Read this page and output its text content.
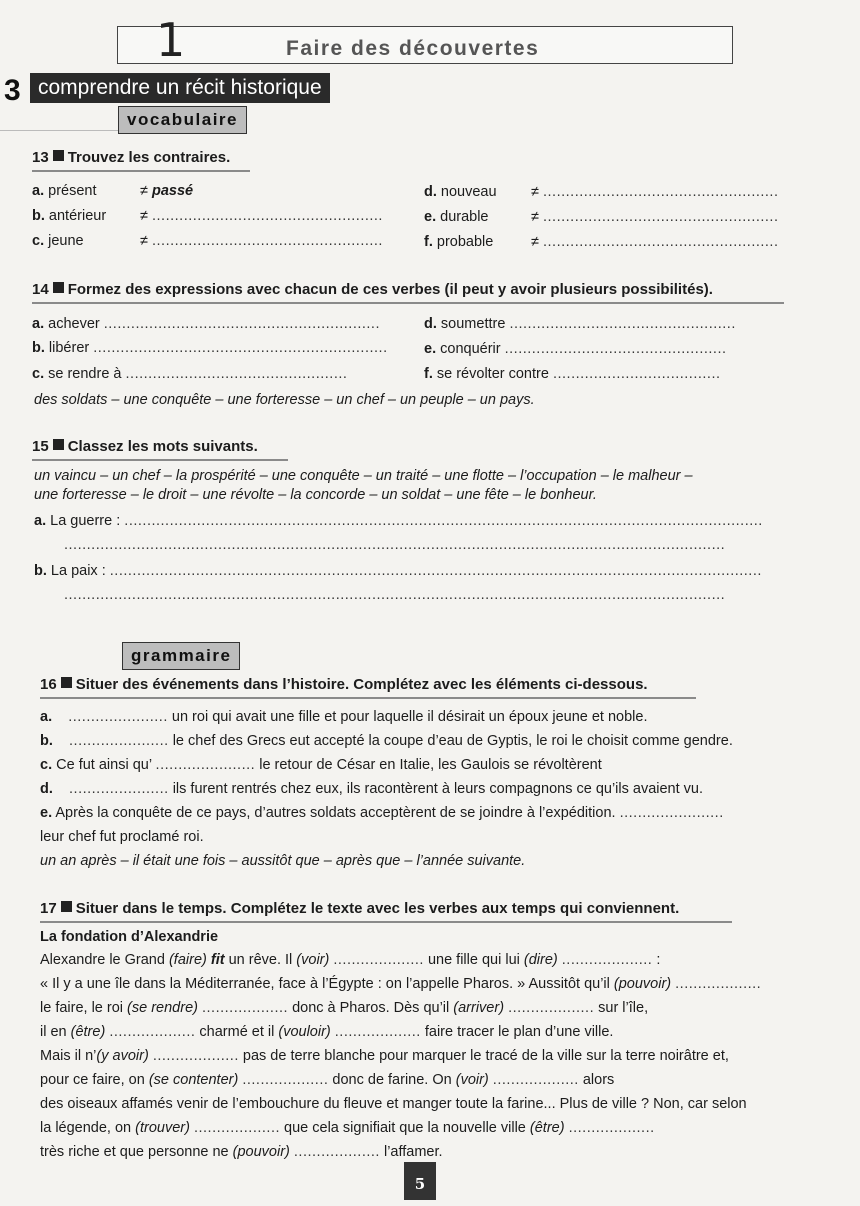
1	Faire des découvertes
3 comprendre un récit historique
vocabulaire
13 Trouvez les contraires.
a. présent	≠ passé
b. antérieur ≠ ...................................................
c. jeune	≠ ...................................................
d. nouveau ≠ ....................................................
e. durable	≠ ....................................................
f. probable	≠ ....................................................
14 Formez des expressions avec chacun de ces verbes (il peut y avoir plusieurs possibilités).
a. achever .............................................................
b. libérer .................................................................
c. se rendre à .................................................
d. soumettre ..................................................
e. conquérir .................................................
f. se révolter contre .....................................
des soldats – une conquête – une forteresse – un chef – un peuple – un pays.
15 Classez les mots suivants.
un vaincu – un chef – la prospérité – une conquête – un traité – une flotte – l’occupation – le malheur –
une forteresse – le droit – une révolte – la concorde – un soldat – une fête – le bonheur.
a. La guerre : .............................................................................................................................................
..................................................................................................................................................
b. La paix : ................................................................................................................................................
..................................................................................................................................................
grammaire
16 Situer des événements dans l’histoire. Complétez avec les éléments ci-dessous.
a. ...................... un roi qui avait une fille et pour laquelle il désirait un époux jeune et noble.
b. ...................... le chef des Grecs eut accepté la coupe d’eau de Gyptis, le roi le choisit comme gendre.
c. Ce fut ainsi qu’ ...................... le retour de César en Italie, les Gaulois se révoltèrent
d. ...................... ils furent rentrés chez eux, ils racontèrent à leurs compagnons ce qu’ils avaient vu.
e. Après la conquête de ce pays, d’autres soldats acceptèrent de se joindre à l’expédition. .......................
leur chef fut proclamé roi.
un an après – il était une fois – aussitôt que – après que – l’année suivante.
17 Situer dans le temps. Complétez le texte avec les verbes aux temps qui conviennent.
La fondation d’Alexandrie
Alexandre le Grand (faire) fit un rêve. Il (voir) .................... une fille qui lui (dire) .................... :
« Il y a une île dans la Méditerranée, face à l’Égypte : on l’appelle Pharos. » Aussitôt qu’il (pouvoir) ...................
le faire, le roi (se rendre) ................... donc à Pharos. Dès qu’il (arriver) ................... sur l’île,
il en (être) ................... charmé et il (vouloir) ................... faire tracer le plan d’une ville.
Mais il n’(y avoir) ................... pas de terre blanche pour marquer le tracé de la ville sur la terre noirâtre et,
pour ce faire, on (se contenter) ................... donc de farine. On (voir) ................... alors
des oiseaux affamés venir de l’embouchure du fleuve et manger toute la farine... Plus de ville ? Non, car selon
la légende, on (trouver) ................... que cela signifiait que la nouvelle ville (être) ...................
très riche et que personne ne (pouvoir) ................... l’affamer.
5
